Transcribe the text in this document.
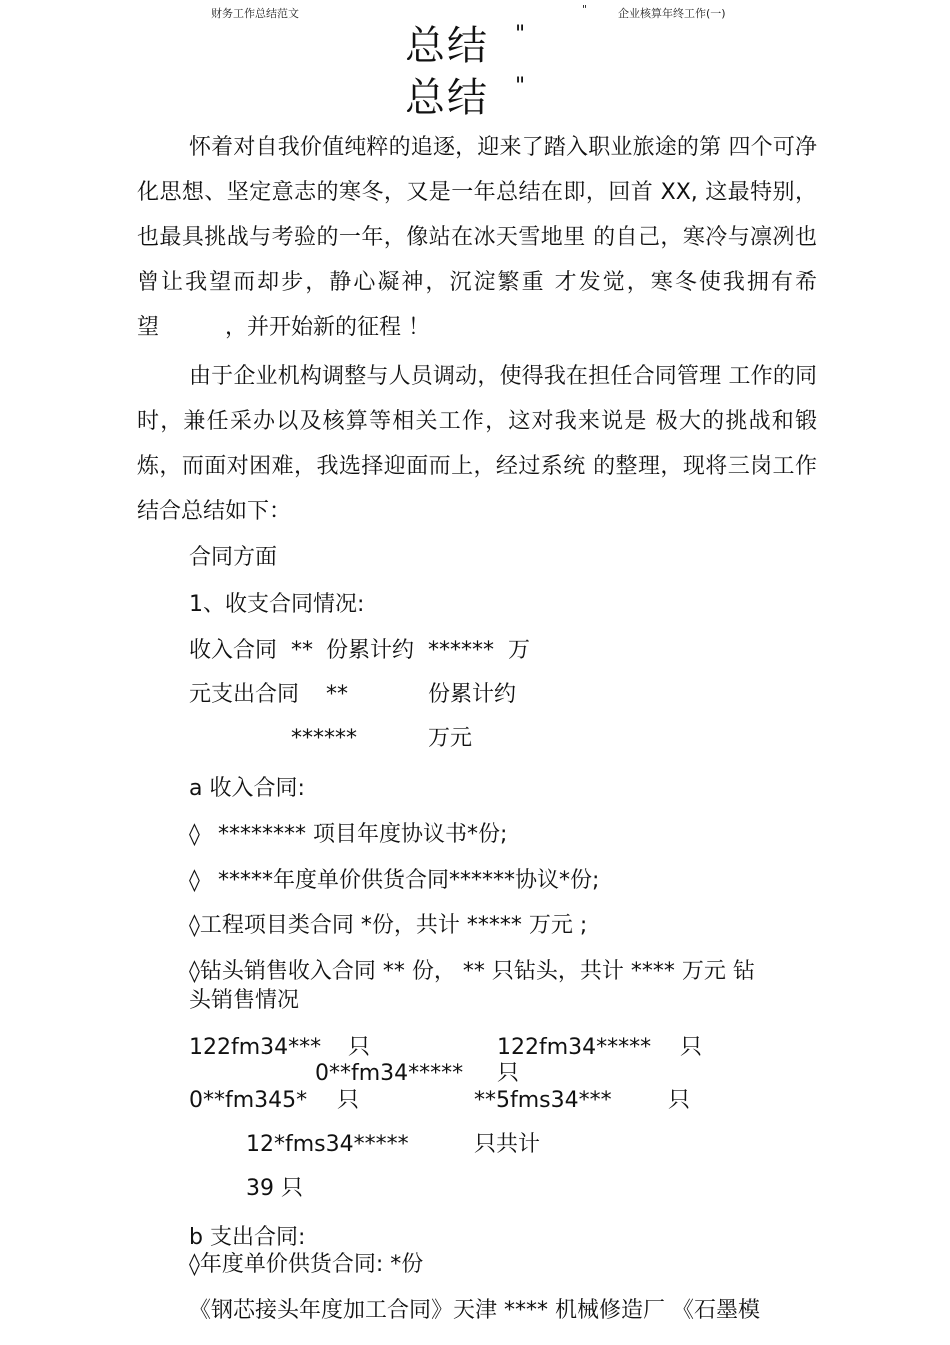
财务工作总结范文	"	企业核算年终工作(一)
总结 "
总结 "

怀着对自我价值纯粹的追逐，迎来了踏入职业旅途的第 四个可净化思想、坚定意志的寒冬，又是一年总结在即，回首 XX, 这最特别，也最具挑战与考验的一年，像站在冰天雪地里 的自己，寒冷与凛冽也曾让我望而却步，静心凝神，沉淀繁重 才发觉，寒冬使我拥有希望　　　，并开始新的征程 ！

由于企业机构调整与人员调动，使得我在担任合同管理 工作的同时，兼任采办以及核算等相关工作，这对我来说是 极大的挑战和锻炼，而面对困难，我选择迎面而上，经过系统 的整理，现将三岗工作结合总结如下：

合同方面
1、收支合同情况:
收入合同 ** 份累计约 ****** 万
元支出合同 **	份累计约
******	万元
a 收入合同:
◊ ******** 项目年度协议书*份;
◊ *****年度单价供货合同******协议*份;
◊工程项目类合同 *份，共计 ***** 万元 ;
◊钻头销售收入合同 ** 份， ** 只钻头，共计 **** 万元 钻
头销售情况
122fm34*** 只	122fm34***** 只
0**fm34***** 只
0**fm345* 只	**5fms34***	只
12*fms34*****	只共计
39 只
b 支出合同:
◊年度单价供货合同: *份
《钢芯接头年度加工合同》天津 **** 机械修造厂 《石墨模
